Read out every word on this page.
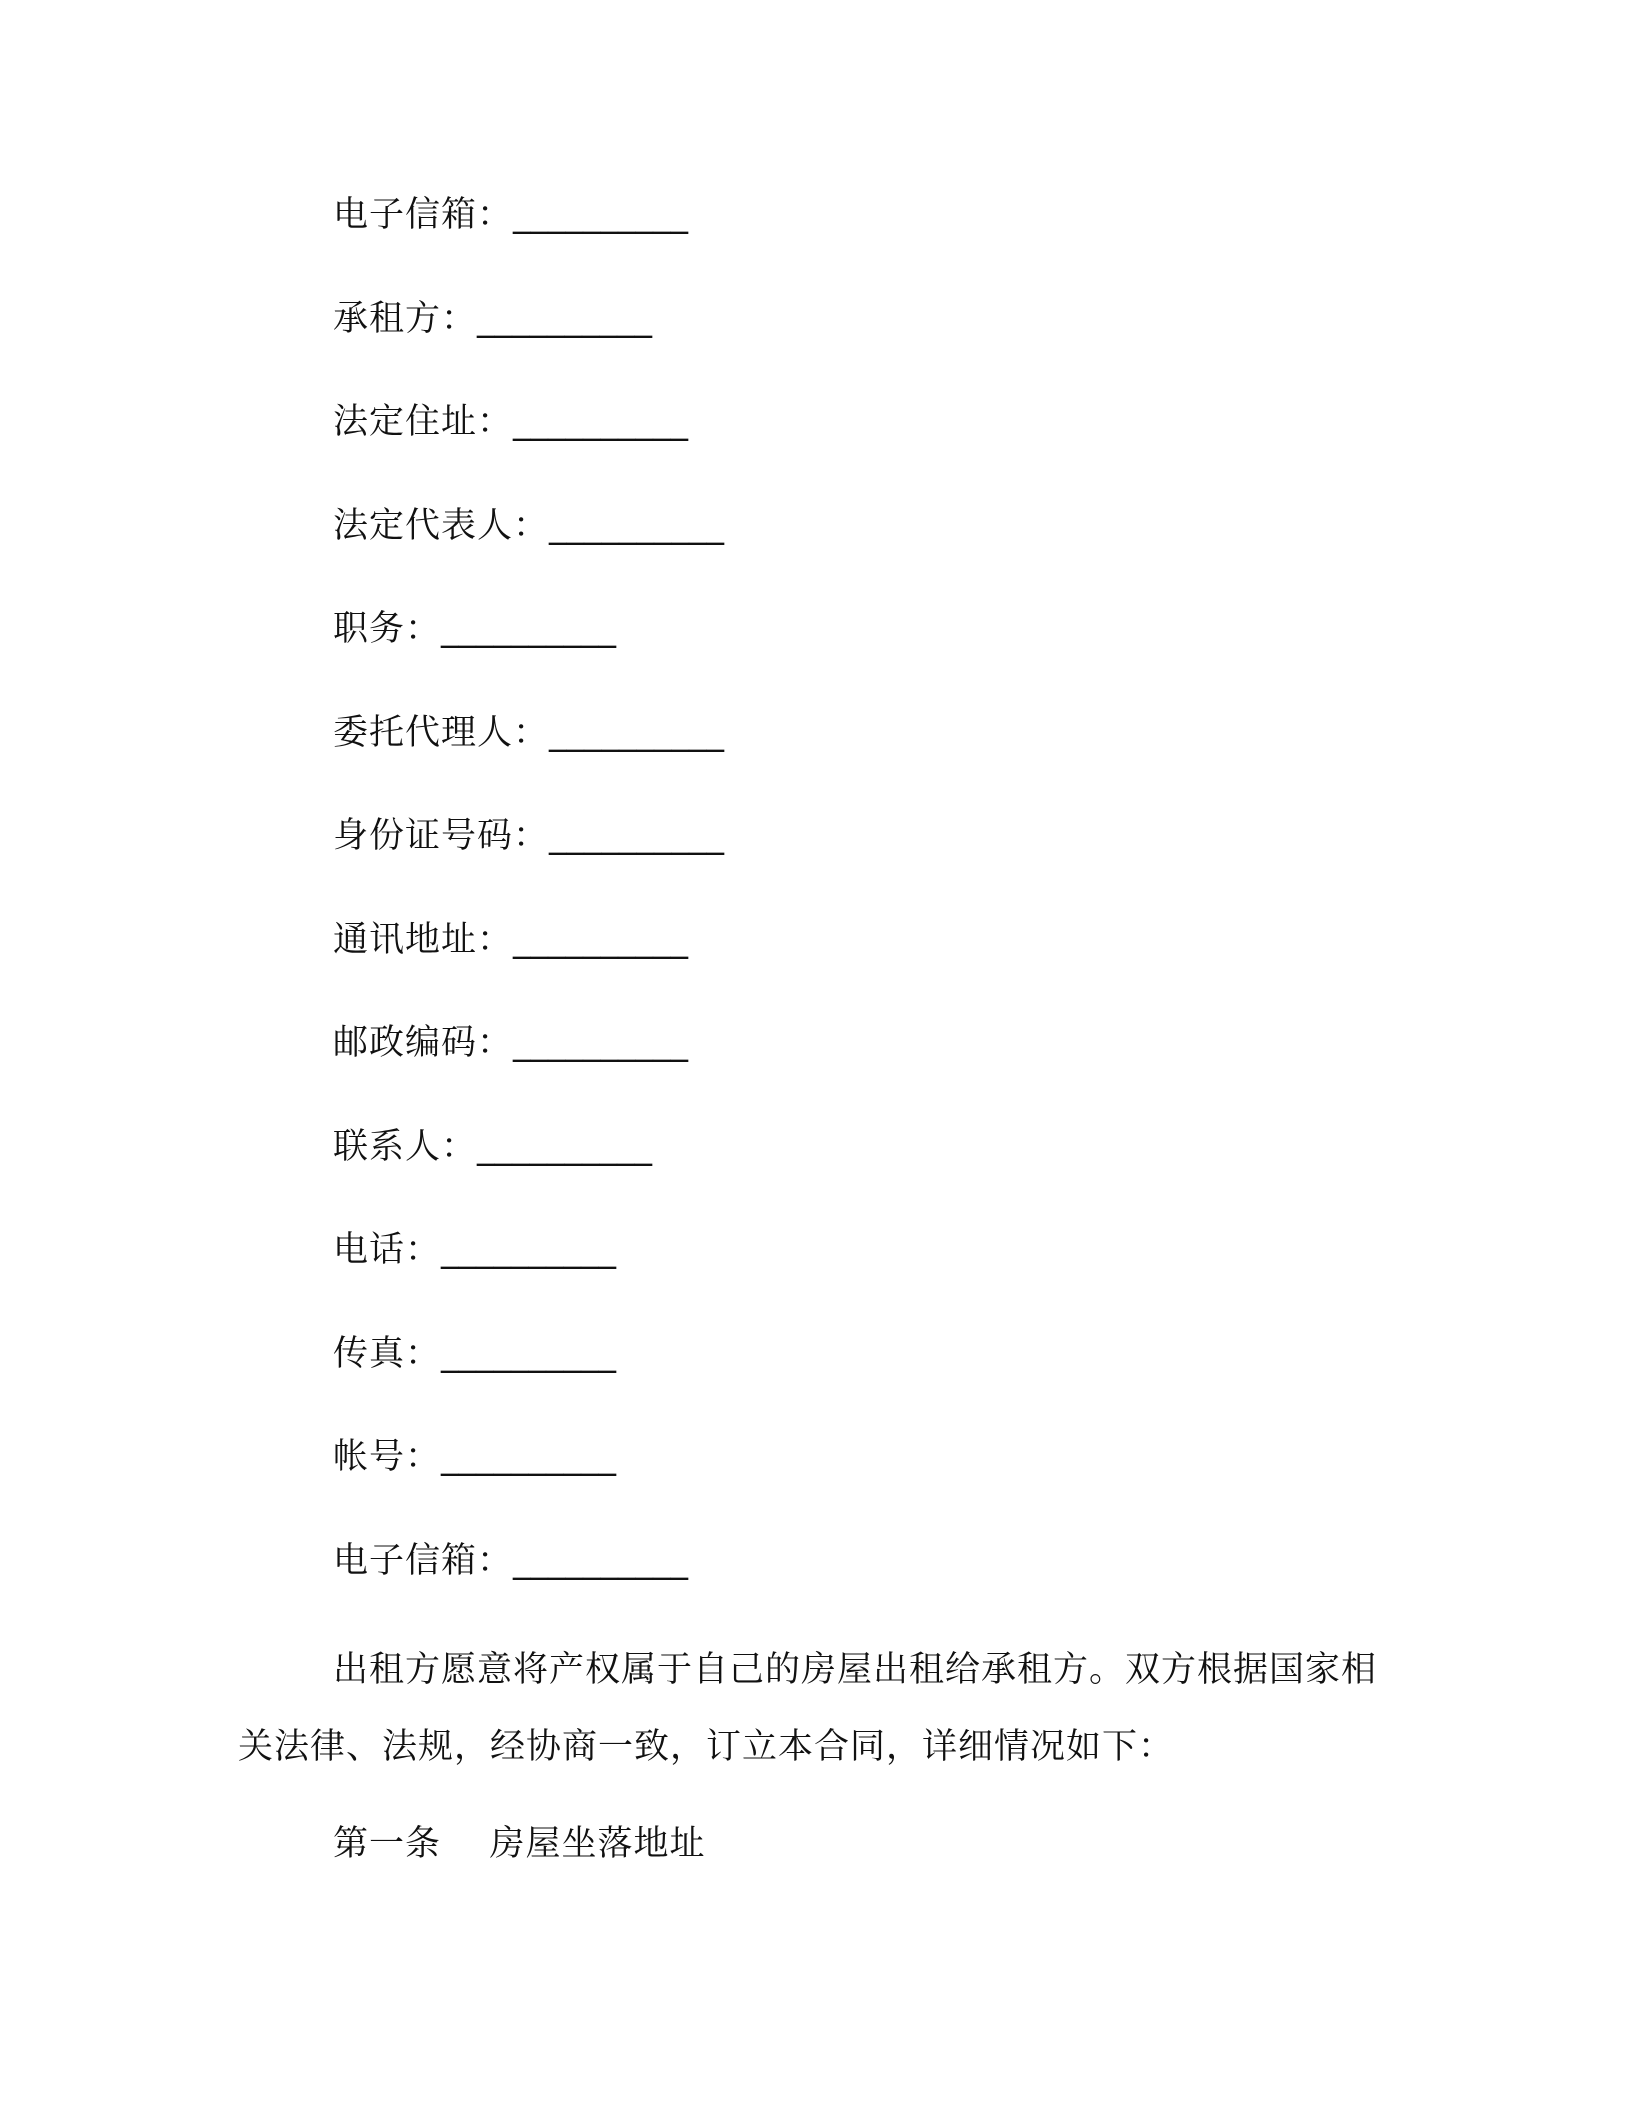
电子信箱：__________
承租方：__________
法定住址：__________
法定代表人：__________
职务：__________
委托代理人：__________
身份证号码：__________
通讯地址：__________
邮政编码：__________
联系人：__________
电话：__________
传真：__________
帐号：__________
电子信箱：__________

出租方愿意将产权属于自己的房屋出租给承租方。双方根据国家相关法律、法规，经协商一致，订立本合同，详细情况如下：

第一条 房屋坐落地址
